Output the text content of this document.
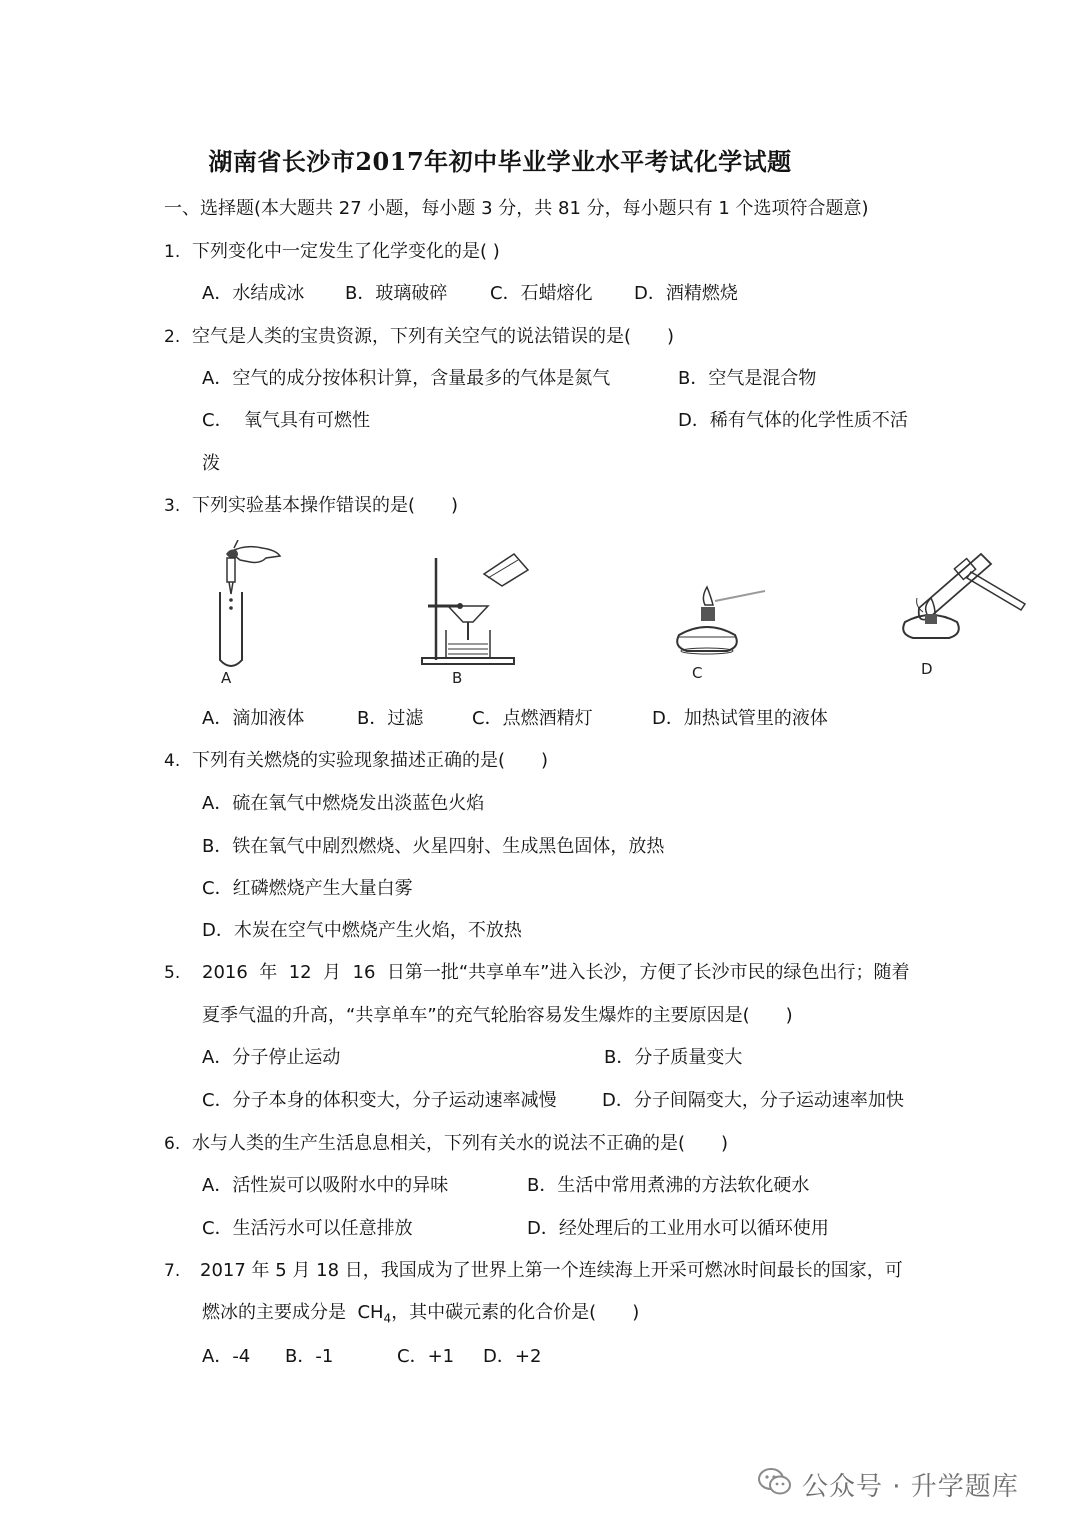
湖南省长沙市2017年初中毕业学业水平考试化学试题
一、选择题(本大题共 27 小题，每小题 3 分，共 81 分，每小题只有 1 个选项符合题意)
1. 下列变化中一定发生了化学变化的是( )
A．水结成冰 B．玻璃破碎 C．石蜡熔化 D．酒精燃烧
2. 空气是人类的宝贵资源，下列有关空气的说法错误的是(　　)
A．空气的成分按体积计算，含量最多的气体是氮气	B．空气是混合物
C．  氧气具有可燃性	D．稀有气体的化学性质不活
泼
3. 下列实验基本操作错误的是(　　)
A	B	C	D
A．滴加液体	B．过滤	C．点燃酒精灯	D．加热试管里的液体
4. 下列有关燃烧的实验现象描述正确的是(　　)
A．硫在氧气中燃烧发出淡蓝色火焰
B．铁在氧气中剧烈燃烧、火星四射、生成黑色固体，放热
C．红磷燃烧产生大量白雾
D．木炭在空气中燃烧产生火焰，不放热
5. 2016  年  12  月  16  日第一批“共享单车”进入长沙，方便了长沙市民的绿色出行；随着
夏季气温的升高，“共享单车”的充气轮胎容易发生爆炸的主要原因是(　　)
A．分子停止运动	B．分子质量变大
C．分子本身的体积变大，分子运动速率减慢	D．分子间隔变大，分子运动速率加快
6. 水与人类的生产生活息息相关，下列有关水的说法不正确的是(　　)
A．活性炭可以吸附水中的异味	B．生活中常用煮沸的方法软化硬水
C．生活污水可以任意排放	D．经处理后的工业用水可以循环使用
7. 2017 年 5 月 18 日，我国成为了世界上第一个连续海上开采可燃冰时间最长的国家，可
燃冰的主要成分是  $CH_4$，其中碳元素的化合价是(　　)
A．-4 B．-1	C．+1 D．+2
公众号 · 升学题库
